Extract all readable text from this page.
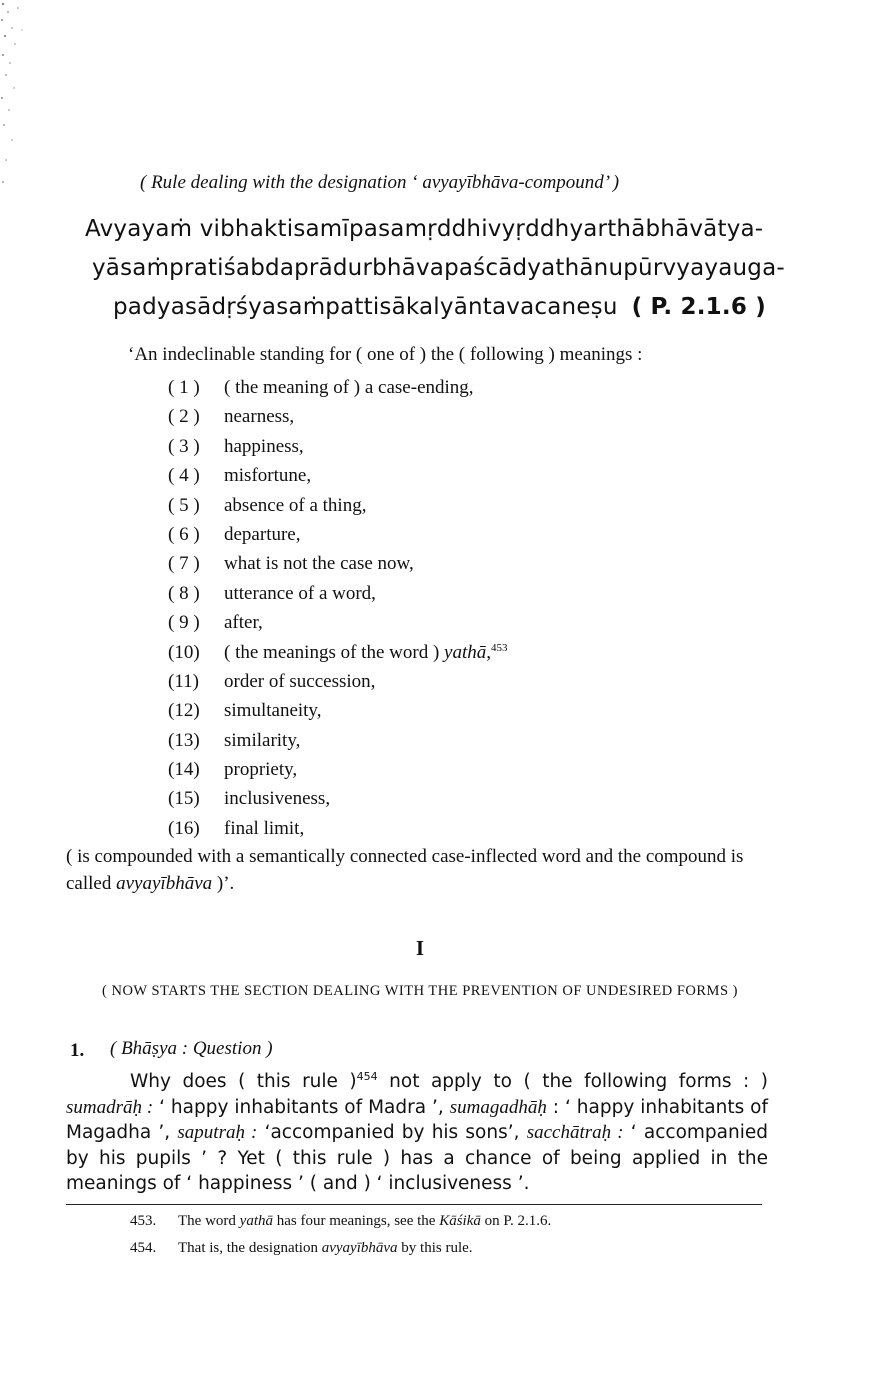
( Rule dealing with the designation ‘ avyayībhāva-compound’ )
Avyayaṁ vibhaktisamīpasamṛddhivyṛddhyarthābhāvātya-
yāsaṁpratiśabdaprādurbhāvapaścādyathānupūrvyayauga-
padyasādṛśyasaṁpattisākalyāntavacaneṣu ( P. 2.1.6 )
‘An indeclinable standing for ( one of ) the ( following ) meanings :
( 1 ) ( the meaning of ) a case-ending,
( 2 ) nearness,
( 3 ) happiness,
( 4 ) misfortune,
( 5 ) absence of a thing,
( 6 ) departure,
( 7 ) what is not the case now,
( 8 ) utterance of a word,
( 9 ) after,
(10) ( the meanings of the word ) yathā,$^{453}$
(11) order of succession,
(12) simultaneity,
(13) similarity,
(14) propriety,
(15) inclusiveness,
(16) final limit,
( is compounded with a semantically connected case-inflected word and the compound is called avyayībhāva )’.
I
( NOW STARTS THE SECTION DEALING WITH THE PREVENTION OF UNDESIRED FORMS )
1. ( Bhāṣya : Question )
Why does ( this rule )$^{454}$ not apply to ( the following forms : ) sumadrāḥ : ‘ happy inhabitants of Madra ’, sumagadhāḥ : ‘ happy inhabitants of Magadha ’, saputraḥ : ‘accompanied by his sons’, sacchātraḥ : ‘ accompanied by his pupils ’ ? Yet ( this rule ) has a chance of being applied in the meanings of ‘ happiness ’ ( and ) ‘ inclusiveness ’.
453. The word yathā has four meanings, see the Kāśikā on P. 2.1.6.
454. That is, the designation avyayībhāva by this rule.
